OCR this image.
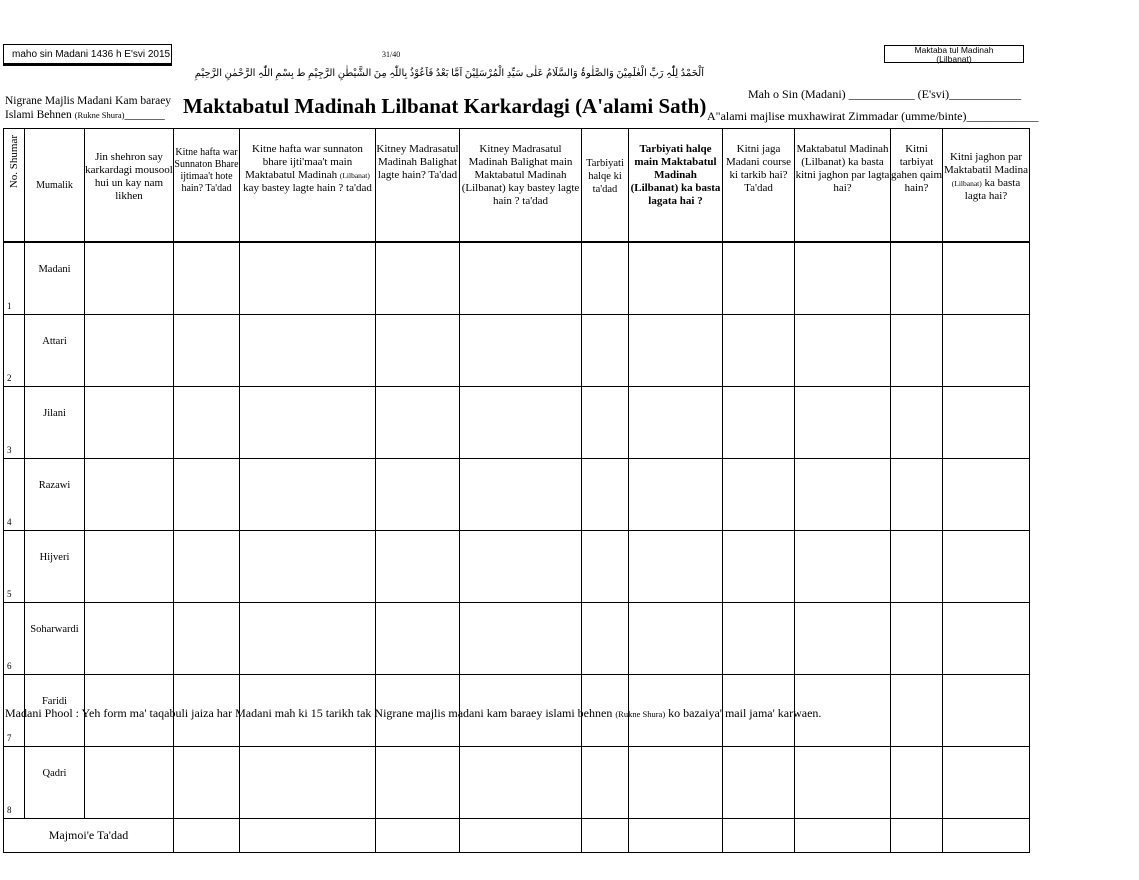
maho sin Madani 1436 h E'svi 2015	31/40	Maktaba tul Madinah
(Lilbanat)
اَلْحَمْدُ لِلّٰہِ رَبِّ الْعٰلَمِیْنَ وَالصَّلٰوۃُ وَالسَّلَامُ عَلٰی سَیِّدِ الْمُرْسَلِیْنَ اَمَّا بَعْدُ فَاَعُوْذُ بِاللّٰہِ مِنَ الشَّیْطٰنِ الرَّجِیْمِ ط بِسْمِ اللّٰہِ الرَّحْمٰنِ الرَّحِیْمِ
Nigrane Majlis Madani Kam baraey
Islami Behnen (Rukne Shura)_______ Maktabatul Madinah Lilbanat Karkardagi (A'alami Sath)	Mah o Sin (Madani) ___________ (E'svi)____________
A"alami majlise muxhawirat Zimmadar (umme/binte)____________
No. Shumar	Mumalik	Jin shehron say karkardagi mousool hui un kay nam likhen	Kitne hafta war Sunnaton Bhare ijtimaa't hote hain? Ta'dad	Kitne hafta war sunnaton bhare ijti'maa't main Maktabatul Madinah (Lilbanat) kay bastey lagte hain ? ta'dad	Kitney Madrasatul Madinah Balighat lagte hain? Ta'dad	Kitney Madrasatul Madinah Balighat main Maktabatul Madinah (Lilbanat) kay bastey lagte hain ? ta'dad	Tarbiyati halqe ki ta'dad	Tarbiyati halqe main Maktabatul Madinah (Lilbanat) ka basta lagata hai ?	Kitni jaga Madani course ki tarkib hai? Ta'dad	Maktabatul Madinah (Lilbanat) ka basta kitni jaghon par lagta hai?	Kitni tarbiyat gahen qaim hain?	Kitni jaghon par Maktabatil Madina (Lilbanat) ka basta lagta hai?
1	Madani											
2	Attari											
3	Jilani											
4	Razawi											
5	Hijveri											
6	Soharwardi											
7	Faridi											
8	Qadri											
Majmoi'e Ta'dad												
Madani Phool : Yeh form ma' taqabuli jaiza har Madani mah ki 15 tarikh tak Nigrane majlis madani kam baraey islami behnen (Rukne Shura) ko bazaiya' mail jama' karwaen.
